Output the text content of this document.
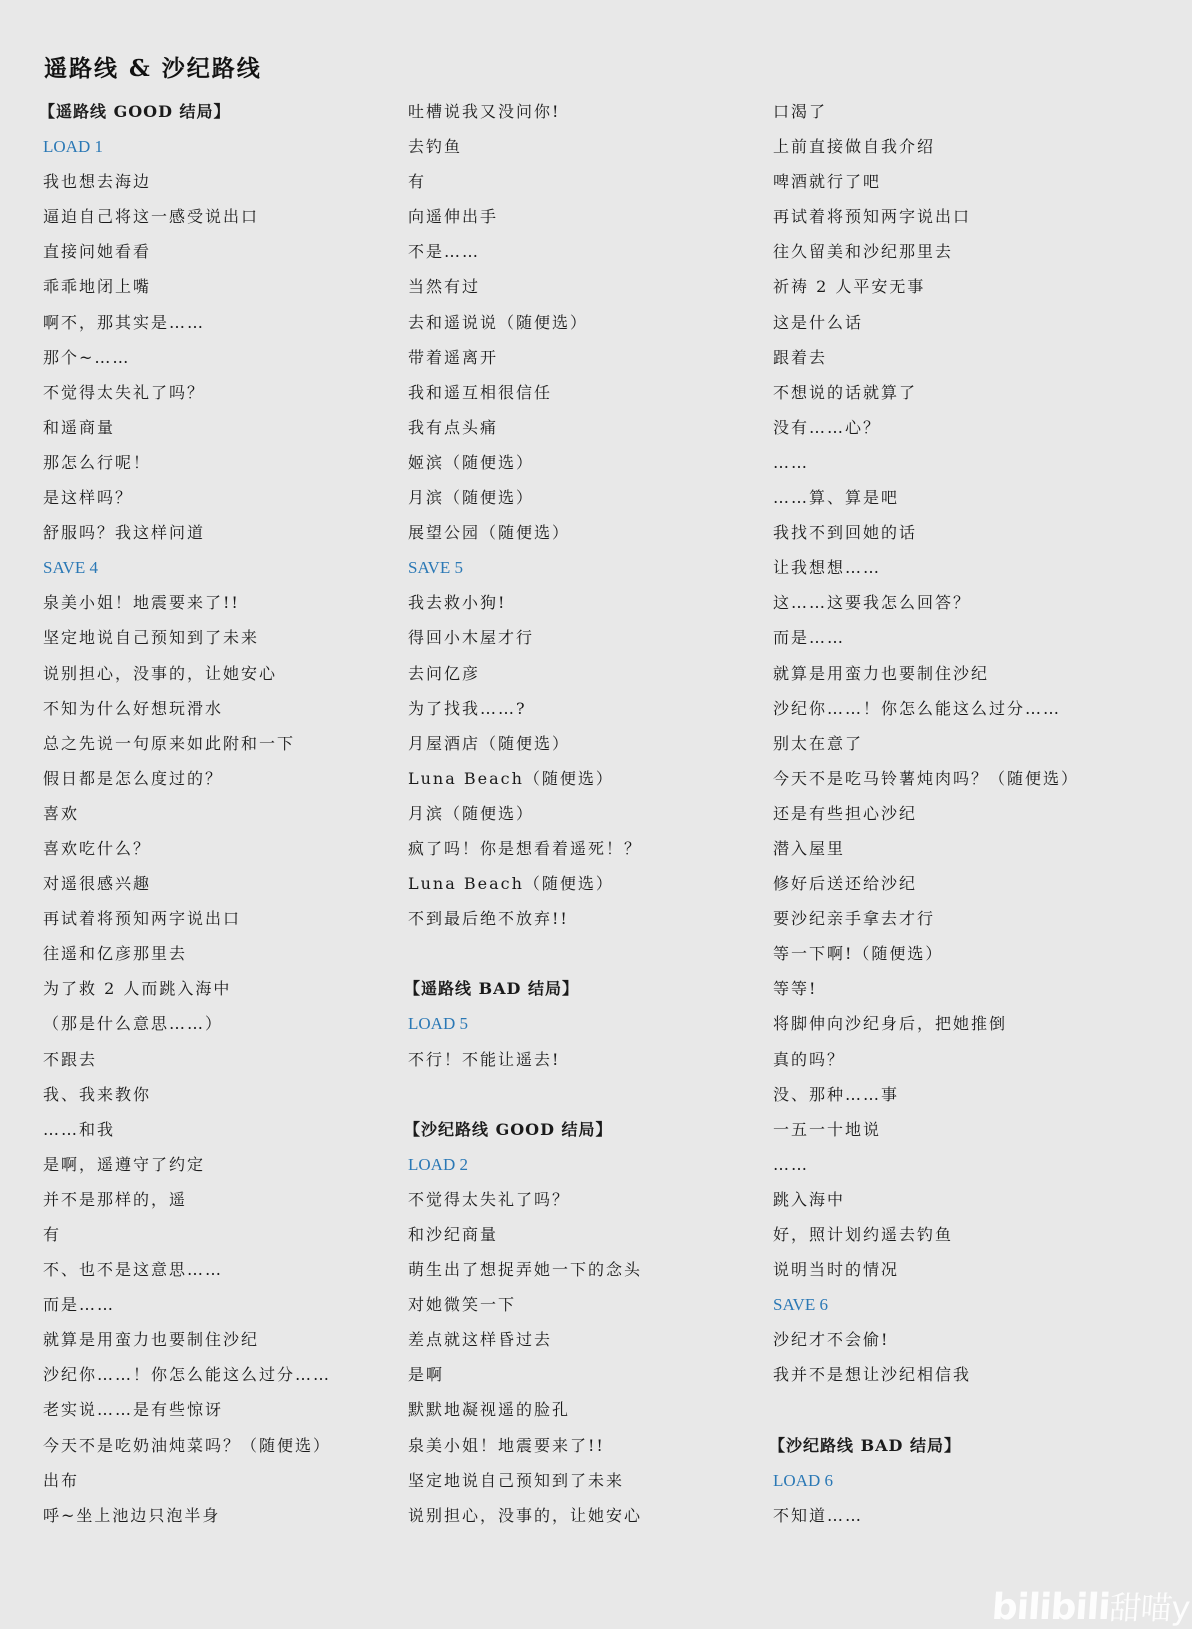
遥路线 & 沙纪路线
【遥路线 GOOD 结局】
LOAD 1
我也想去海边
逼迫自己将这一感受说出口
直接问她看看
乖乖地闭上嘴
啊不，那其实是……
那个~……
不觉得太失礼了吗？
和遥商量
那怎么行呢！
是这样吗？
舒服吗？我这样问道
SAVE 4
泉美小姐！地震要来了!!
坚定地说自己预知到了未来
说别担心，没事的，让她安心
不知为什么好想玩滑水
总之先说一句原来如此附和一下
假日都是怎么度过的？
喜欢
喜欢吃什么？
对遥很感兴趣
再试着将预知两字说出口
往遥和亿彦那里去
为了救 2 人而跳入海中
（那是什么意思……）
不跟去
我、我来教你
……和我
是啊，遥遵守了约定
并不是那样的，遥
有
不、也不是这意思……
而是……
就算是用蛮力也要制住沙纪
沙纪你……！你怎么能这么过分……
老实说……是有些惊讶
今天不是吃奶油炖菜吗？（随便选）
出布
呼~坐上池边只泡半身
吐槽说我又没问你!
去钓鱼
有
向遥伸出手
不是……
当然有过
去和遥说说（随便选）
带着遥离开
我和遥互相很信任
我有点头痛
姬滨（随便选）
月滨（随便选）
展望公园（随便选）
SAVE 5
我去救小狗!
得回小木屋才行
去问亿彦
为了找我……?
月屋酒店（随便选）
Luna Beach（随便选）
月滨（随便选）
疯了吗！你是想看着遥死！？
Luna Beach（随便选）
不到最后绝不放弃!!
【遥路线 BAD 结局】
LOAD 5
不行！不能让遥去!
【沙纪路线 GOOD 结局】
LOAD 2
不觉得太失礼了吗？
和沙纪商量
萌生出了想捉弄她一下的念头
对她微笑一下
差点就这样昏过去
是啊
默默地凝视遥的脸孔
泉美小姐！地震要来了!!
坚定地说自己预知到了未来
说别担心，没事的，让她安心
口渴了
上前直接做自我介绍
啤酒就行了吧
再试着将预知两字说出口
往久留美和沙纪那里去
祈祷 2 人平安无事
这是什么话
跟着去
不想说的话就算了
没有……心？
……
……算、算是吧
我找不到回她的话
让我想想……
这……这要我怎么回答？
而是……
就算是用蛮力也要制住沙纪
沙纪你……！你怎么能这么过分……
别太在意了
今天不是吃马铃薯炖肉吗？（随便选）
还是有些担心沙纪
潜入屋里
修好后送还给沙纪
要沙纪亲手拿去才行
等一下啊!（随便选）
等等!
将脚伸向沙纪身后，把她推倒
真的吗？
没、那种……事
一五一十地说
……
跳入海中
好，照计划约遥去钓鱼
说明当时的情况
SAVE 6
沙纪才不会偷!
我并不是想让沙纪相信我
【沙纪路线 BAD 结局】
LOAD 6
不知道……
bilibili甜喵y
